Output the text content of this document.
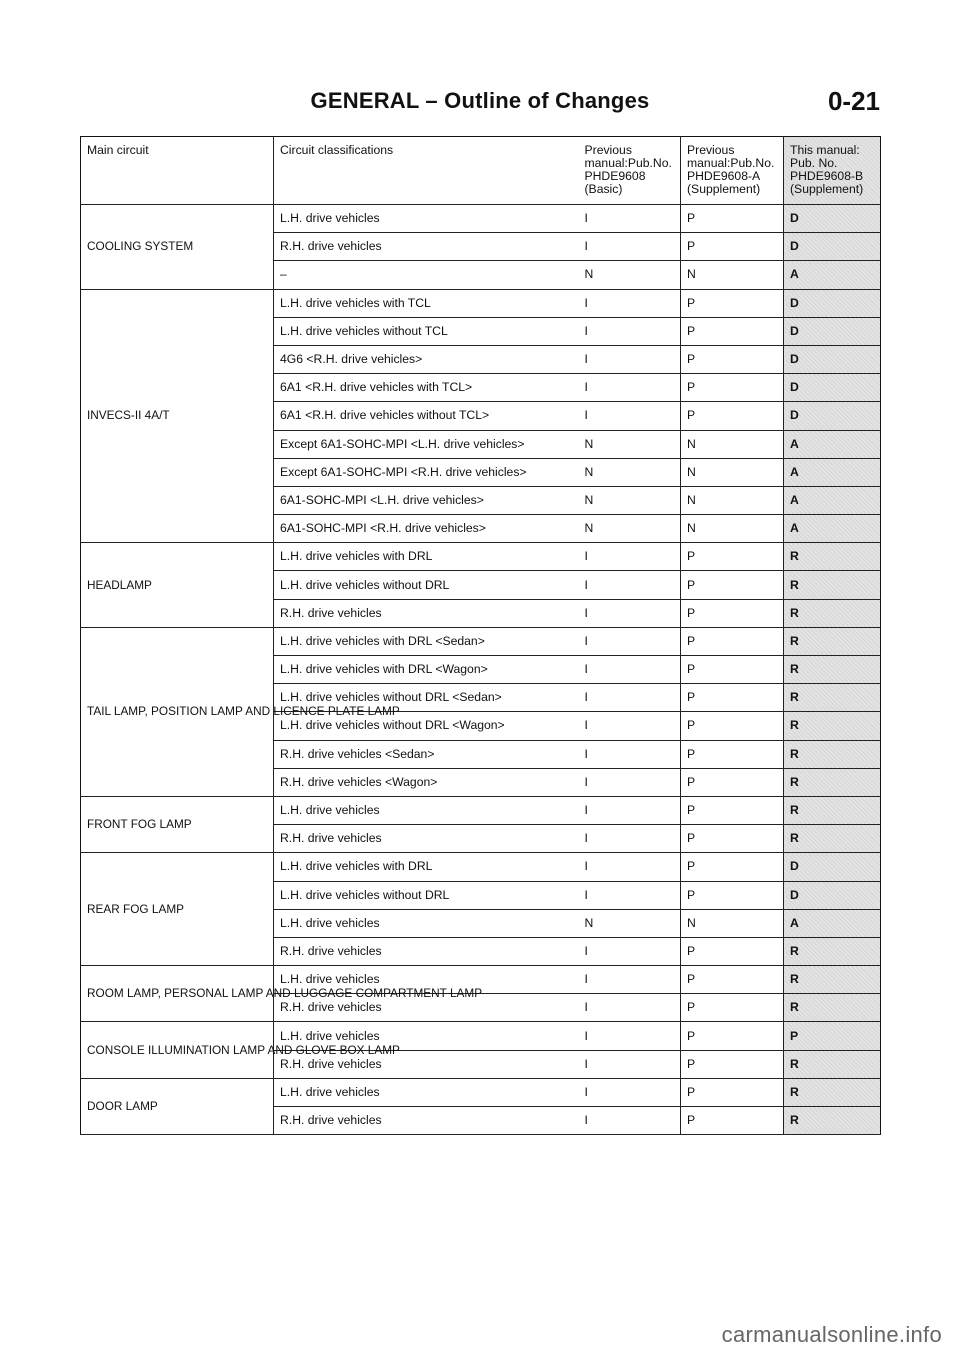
GENERAL – Outline of Changes	0-21
Main circuit	Circuit classifications	Previous
manual:Pub.No.
PHDE9608
(Basic)	Previous
manual:Pub.No.
PHDE9608-A
(Supplement)	This manual:
Pub. No.
PHDE9608-B
(Supplement)

COOLING SYSTEM	L.H. drive vehicles	I	P	D
	R.H. drive vehicles	I	P	D
	–	N	N	A
INVECS-II 4A/T	L.H. drive vehicles with TCL	I	P	D
	L.H. drive vehicles without TCL	I	P	D
	4G6 <R.H. drive vehicles>	I	P	D
	6A1 <R.H. drive vehicles with TCL>	I	P	D
	6A1 <R.H. drive vehicles without TCL>	I	P	D
	Except 6A1-SOHC-MPI <L.H. drive vehicles>	N	N	A
	Except 6A1-SOHC-MPI <R.H. drive vehicles>	N	N	A
	6A1-SOHC-MPI <L.H. drive vehicles>	N	N	A
	6A1-SOHC-MPI <R.H. drive vehicles>	N	N	A
HEADLAMP	L.H. drive vehicles with DRL	I	P	R
	L.H. drive vehicles without DRL	I	P	R
	R.H. drive vehicles	I	P	R
TAIL LAMP, POSITION LAMP AND LICENCE PLATE LAMP	L.H. drive vehicles with DRL <Sedan>	I	P	R
	L.H. drive vehicles with DRL <Wagon>	I	P	R
	L.H. drive vehicles without DRL <Sedan>	I	P	R
	L.H. drive vehicles without DRL <Wagon>	I	P	R
	R.H. drive vehicles <Sedan>	I	P	R
	R.H. drive vehicles <Wagon>	I	P	R
FRONT FOG LAMP	L.H. drive vehicles	I	P	R
	R.H. drive vehicles	I	P	R
REAR FOG LAMP	L.H. drive vehicles with DRL	I	P	D
	L.H. drive vehicles without DRL	I	P	D
	L.H. drive vehicles	N	N	A
	R.H. drive vehicles	I	P	R
ROOM LAMP, PERSONAL LAMP AND LUGGAGE COMPARTMENT LAMP	L.H. drive vehicles	I	P	R
	R.H. drive vehicles	I	P	R
CONSOLE ILLUMINATION LAMP AND GLOVE BOX LAMP	L.H. drive vehicles	I	P	P
	R.H. drive vehicles	I	P	R
DOOR LAMP	L.H. drive vehicles	I	P	R
	R.H. drive vehicles	I	P	R
carmanualsonline.info
